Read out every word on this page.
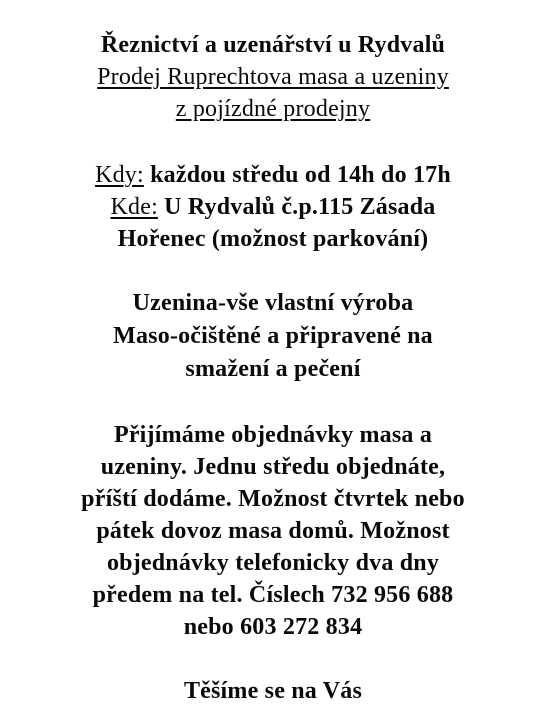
Řeznictví a uzenářství u Rydvalů
Prodej Ruprechtova masa a uzeniny
z pojízdné prodejny
Kdy: každou středu od 14h do 17h
Kde: U Rydvalů č.p.115 Zásada
Hořenec (možnost parkování)
Uzenina-vše vlastní výroba
Maso-očištěné a připravené na
smažení a pečení
Přijímáme objednávky masa a
uzeniny. Jednu středu objednáte,
příští dodáme. Možnost čtvrtek nebo
pátek dovoz masa domů. Možnost
objednávky telefonicky dva dny
předem na tel. Číslech 732 956 688
nebo 603 272 834
Těšíme se na Vás
